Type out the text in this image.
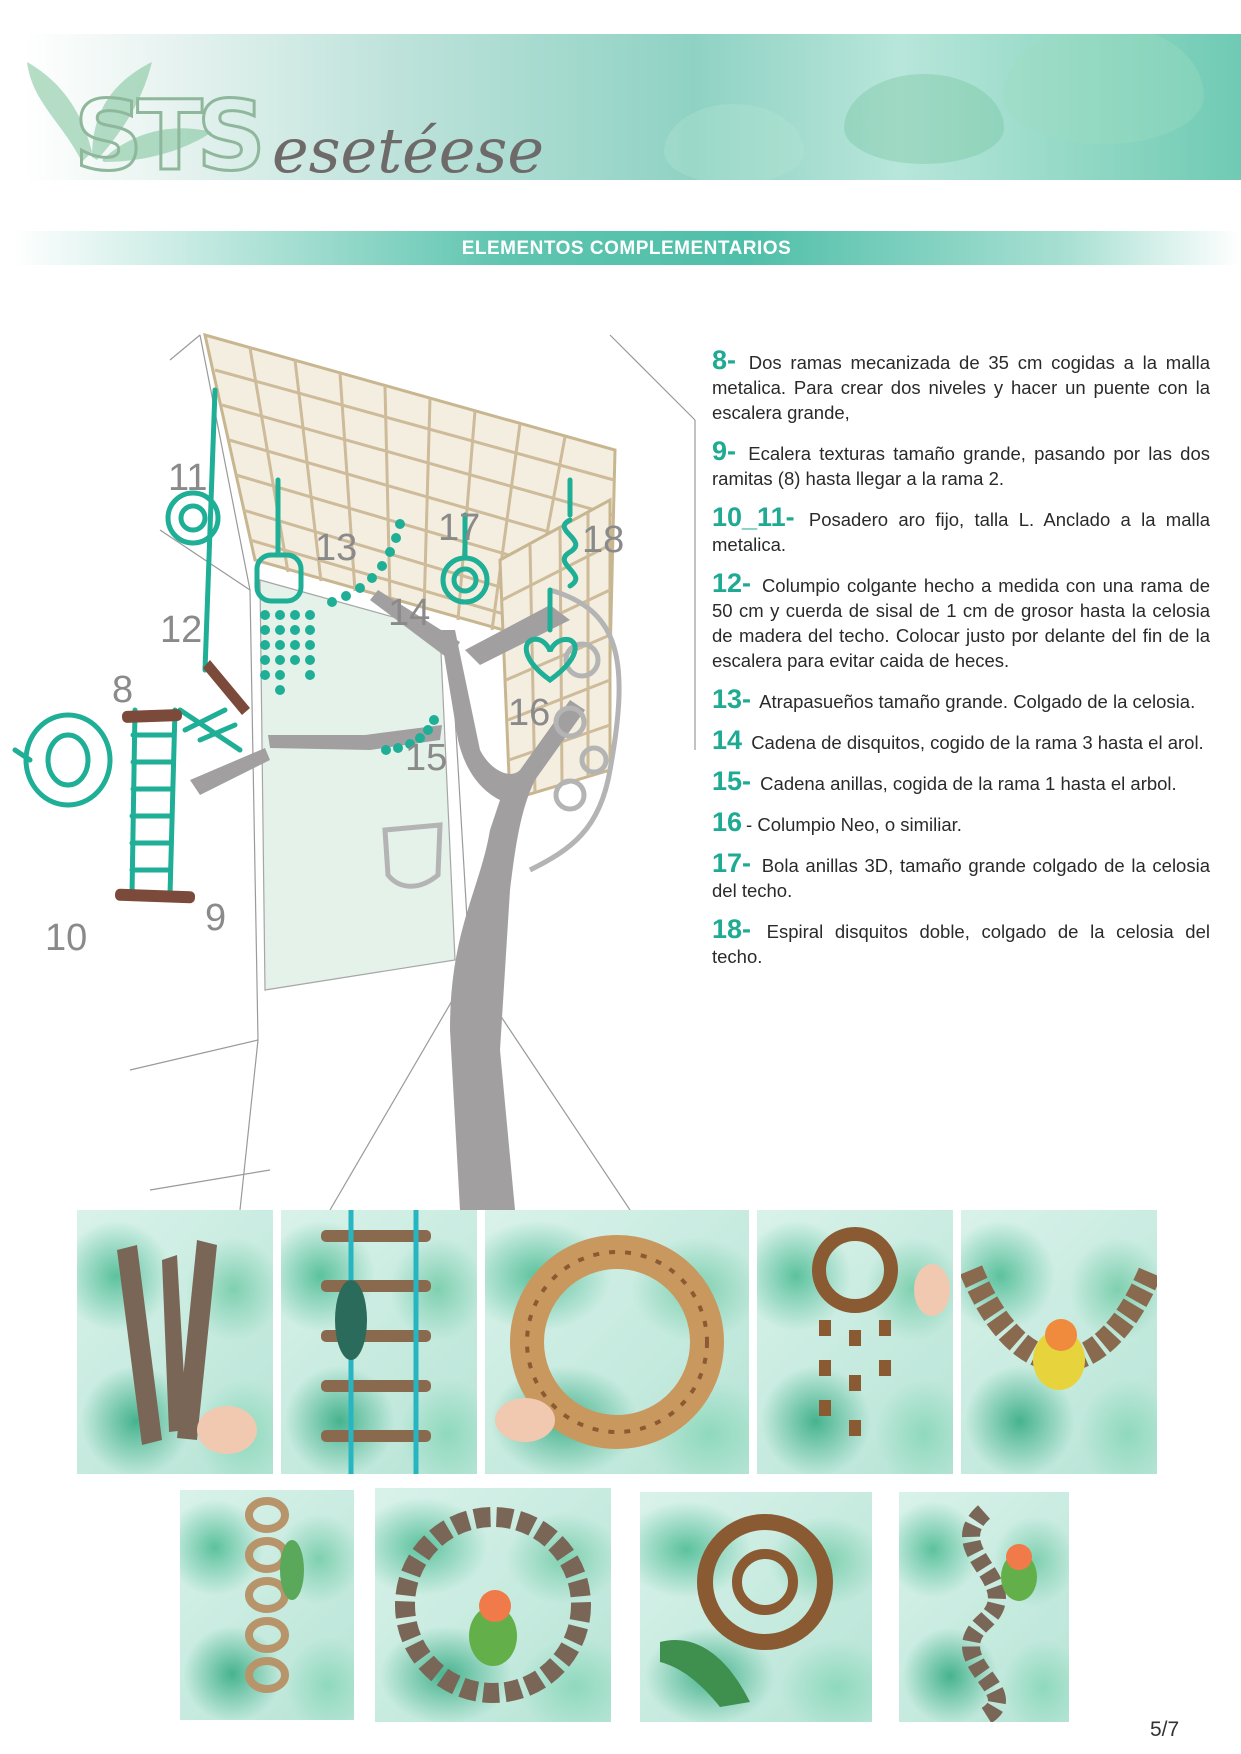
STS esetéese
ELEMENTOS COMPLEMENTARIOS
11
13 17	18
12	14
8
16
15
10	9
8- Dos ramas mecanizada de 35 cm cogidas a la malla metalica. Para crear dos niveles y hacer un puente con la escalera grande,
9- Ecalera texturas tamaño grande, pasando por las dos ramitas (8) hasta llegar a la rama 2.
10_11- Posadero aro fijo, talla L. Anclado a la malla metalica.
12- Columpio colgante hecho a medida con una rama de 50 cm y cuerda de sisal de 1 cm de grosor hasta la celosia de madera del techo. Colocar justo por delante del fin de la escalera para evitar caida de heces.
13- Atrapasueños tamaño grande. Colgado de la celosia.
14 Cadena de disquitos, cogido de la rama 3 hasta el arol.
15- Cadena anillas, cogida de la rama 1 hasta el arbol.
16 - Columpio Neo, o similiar.
17- Bola anillas 3D, tamaño grande colgado de la celosia del techo.
18- Espiral disquitos doble, colgado de la celosia del techo.
5/7
